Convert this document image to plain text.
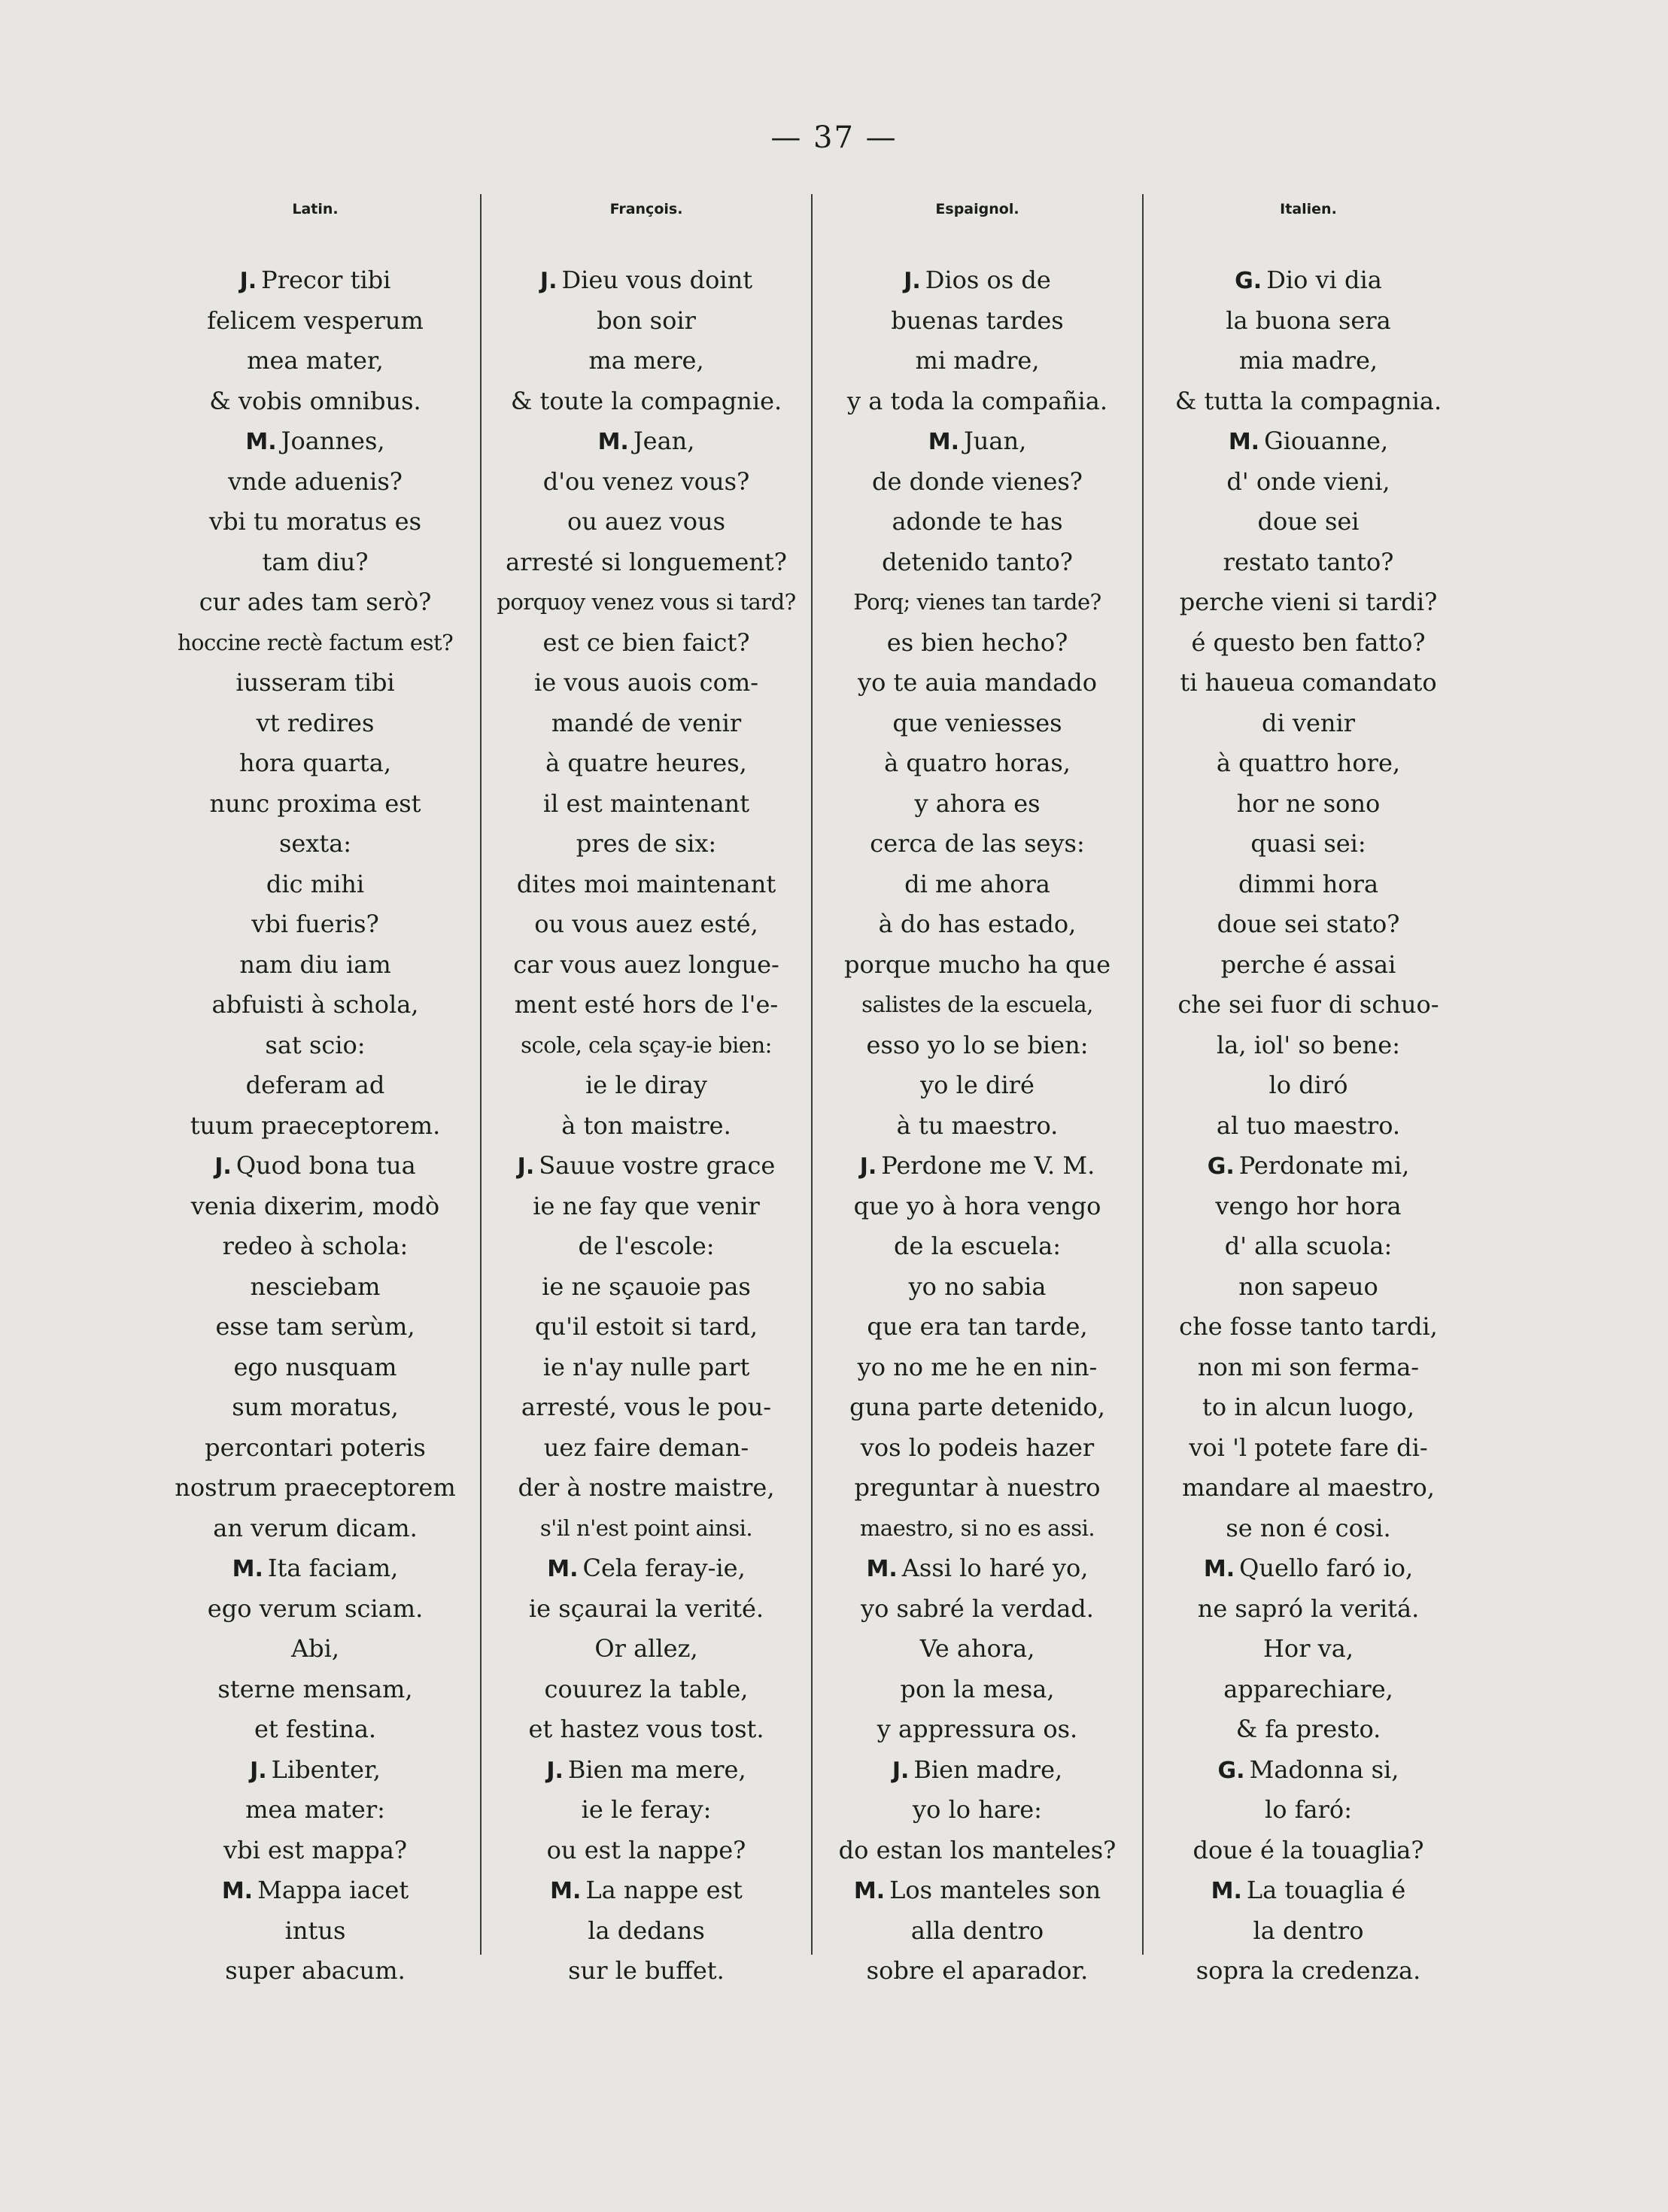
— 37 —
Latin.
J. Precor tibi
felicem vesperum
mea mater,
& vobis omnibus.
M. Joannes,
vnde aduenis?
vbi tu moratus es
tam diu?
cur ades tam serò?
hoccine rectè factum est?
iusseram tibi
vt redires
hora quarta,
nunc proxima est
sexta:
dic mihi
vbi fueris?
nam diu iam
abfuisti à schola,
sat scio:
deferam ad
tuum praeceptorem.
J. Quod bona tua
venia dixerim, modò
redeo à schola:
nesciebam
esse tam serùm,
ego nusquam
sum moratus,
percontari poteris
nostrum praeceptorem
an verum dicam.
M. Ita faciam,
ego verum sciam.
Abi,
sterne mensam,
et festina.
J. Libenter,
mea mater:
vbi est mappa?
M. Mappa iacet
intus
super abacum.
François.
J. Dieu vous doint
bon soir
ma mere,
& toute la compagnie.
M. Jean,
d'ou venez vous?
ou auez vous
arresté si longuement?
porquoy venez vous si tard?
est ce bien faict?
ie vous auois com-
mandé de venir
à quatre heures,
il est maintenant
pres de six:
dites moi maintenant
ou vous auez esté,
car vous auez longue-
ment esté hors de l'e-
scole, cela sçay-ie bien:
ie le diray
à ton maistre.
J. Sauue vostre grace
ie ne fay que venir
de l'escole:
ie ne sçauoie pas
qu'il estoit si tard,
ie n'ay nulle part
arresté, vous le pou-
uez faire deman-
der à nostre maistre,
s'il n'est point ainsi.
M. Cela feray-ie,
ie sçaurai la verité.
Or allez,
couurez la table,
et hastez vous tost.
J. Bien ma mere,
ie le feray:
ou est la nappe?
M. La nappe est
la dedans
sur le buffet.
Espaignol.
J. Dios os de
buenas tardes
mi madre,
y a toda la compañia.
M. Juan,
de donde vienes?
adonde te has
detenido tanto?
Porq; vienes tan tarde?
es bien hecho?
yo te auia mandado
que veniesses
à quatro horas,
y ahora es
cerca de las seys:
di me ahora
à do has estado,
porque mucho ha que
salistes de la escuela,
esso yo lo se bien:
yo le diré
à tu maestro.
J. Perdone me V. M.
que yo à hora vengo
de la escuela:
yo no sabia
que era tan tarde,
yo no me he en nin-
guna parte detenido,
vos lo podeis hazer
preguntar à nuestro
maestro, si no es assi.
M. Assi lo haré yo,
yo sabré la verdad.
Ve ahora,
pon la mesa,
y appressura os.
J. Bien madre,
yo lo hare:
do estan los manteles?
M. Los manteles son
alla dentro
sobre el aparador.
Italien.
G. Dio vi dia
la buona sera
mia madre,
& tutta la compagnia.
M. Giouanne,
d' onde vieni,
doue sei
restato tanto?
perche vieni si tardi?
é questo ben fatto?
ti haueua comandato
di venir
à quattro hore,
hor ne sono
quasi sei:
dimmi hora
doue sei stato?
perche é assai
che sei fuor di schuo-
la, iol' so bene:
lo diró
al tuo maestro.
G. Perdonate mi,
vengo hor hora
d' alla scuola:
non sapeuo
che fosse tanto tardi,
non mi son ferma-
to in alcun luogo,
voi 'l potete fare di-
mandare al maestro,
se non é cosi.
M. Quello faró io,
ne sapró la veritá.
Hor va,
apparechiare,
& fa presto.
G. Madonna si,
lo faró:
doue é la touaglia?
M. La touaglia é
la dentro
sopra la credenza.
